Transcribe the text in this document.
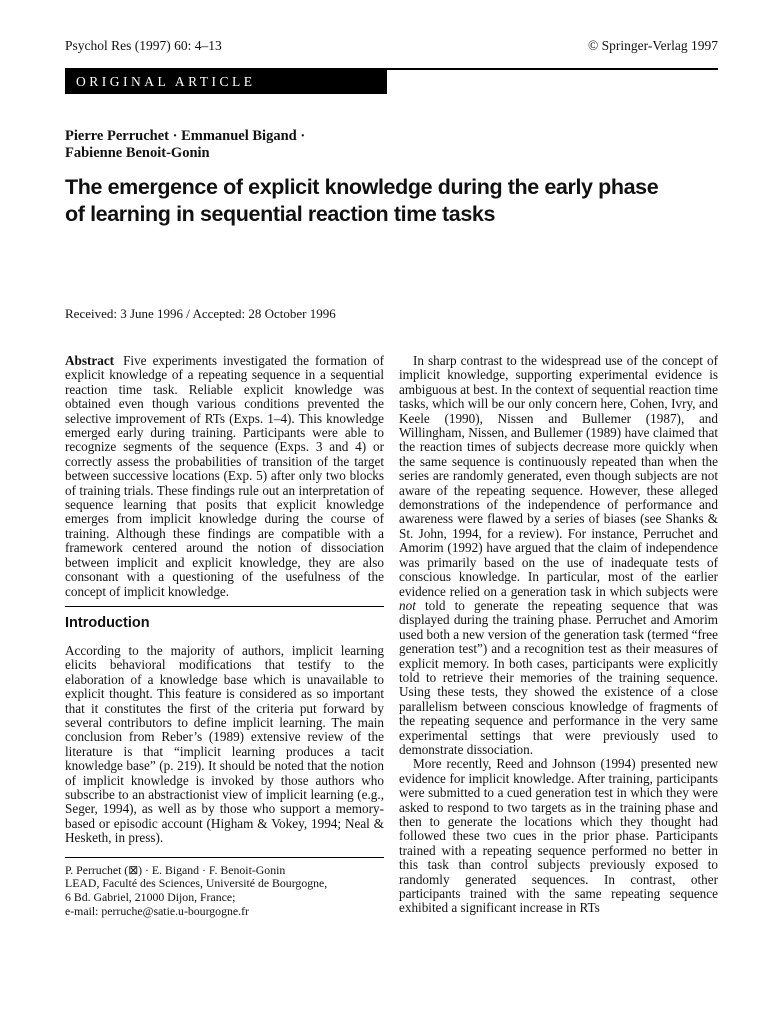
Psychol Res (1997) 60: 4–13	© Springer-Verlag 1997
ORIGINAL ARTICLE
Pierre Perruchet · Emmanuel Bigand ·
Fabienne Benoit-Gonin
The emergence of explicit knowledge during the early phase
of learning in sequential reaction time tasks
Received: 3 June 1996 / Accepted: 28 October 1996

Abstract Five experiments investigated the formation of explicit knowledge of a repeating sequence in a sequential reaction time task. Reliable explicit knowledge was obtained even though various conditions prevented the selective improvement of RTs (Exps. 1–4). This knowledge emerged early during training. Participants were able to recognize segments of the sequence (Exps. 3 and 4) or correctly assess the probabilities of transition of the target between successive locations (Exp. 5) after only two blocks of training trials. These findings rule out an interpretation of sequence learning that posits that explicit knowledge emerges from implicit knowledge during the course of training. Although these findings are compatible with a framework centered around the notion of dissociation between implicit and explicit knowledge, they are also consonant with a questioning of the usefulness of the concept of implicit knowledge.

Introduction

According to the majority of authors, implicit learning elicits behavioral modifications that testify to the elaboration of a knowledge base which is unavailable to explicit thought. This feature is considered as so important that it constitutes the first of the criteria put forward by several contributors to define implicit learning. The main conclusion from Reber’s (1989) extensive review of the literature is that “implicit learning produces a tacit knowledge base” (p. 219). It should be noted that the notion of implicit knowledge is invoked by those authors who subscribe to an abstractionist view of implicit learning (e.g., Seger, 1994), as well as by those who support a memory-based or episodic account (Higham & Vokey, 1994; Neal & Hesketh, in press).

P. Perruchet (⊠) · E. Bigand · F. Benoit-Gonin
LEAD, Faculté des Sciences, Université de Bourgogne,
6 Bd. Gabriel, 21000 Dijon, France;
e-mail: perruche@satie.u-bourgogne.fr

In sharp contrast to the widespread use of the concept of implicit knowledge, supporting experimental evidence is ambiguous at best. In the context of sequential reaction time tasks, which will be our only concern here, Cohen, Ivry, and Keele (1990), Nissen and Bullemer (1987), and Willingham, Nissen, and Bullemer (1989) have claimed that the reaction times of subjects decrease more quickly when the same sequence is continuously repeated than when the series are randomly generated, even though subjects are not aware of the repeating sequence. However, these alleged demonstrations of the independence of performance and awareness were flawed by a series of biases (see Shanks & St. John, 1994, for a review). For instance, Perruchet and Amorim (1992) have argued that the claim of independence was primarily based on the use of inadequate tests of conscious knowledge. In particular, most of the earlier evidence relied on a generation task in which subjects were not told to generate the repeating sequence that was displayed during the training phase. Perruchet and Amorim used both a new version of the generation task (termed “free generation test”) and a recognition test as their measures of explicit memory. In both cases, participants were explicitly told to retrieve their memories of the training sequence. Using these tests, they showed the existence of a close parallelism between conscious knowledge of fragments of the repeating sequence and performance in the very same experimental settings that were previously used to demonstrate dissociation.

More recently, Reed and Johnson (1994) presented new evidence for implicit knowledge. After training, participants were submitted to a cued generation test in which they were asked to respond to two targets as in the training phase and then to generate the locations which they thought had followed these two cues in the prior phase. Participants trained with a repeating sequence performed no better in this task than control subjects previously exposed to randomly generated sequences. In contrast, other participants trained with the same repeating sequence exhibited a significant increase in RTs
